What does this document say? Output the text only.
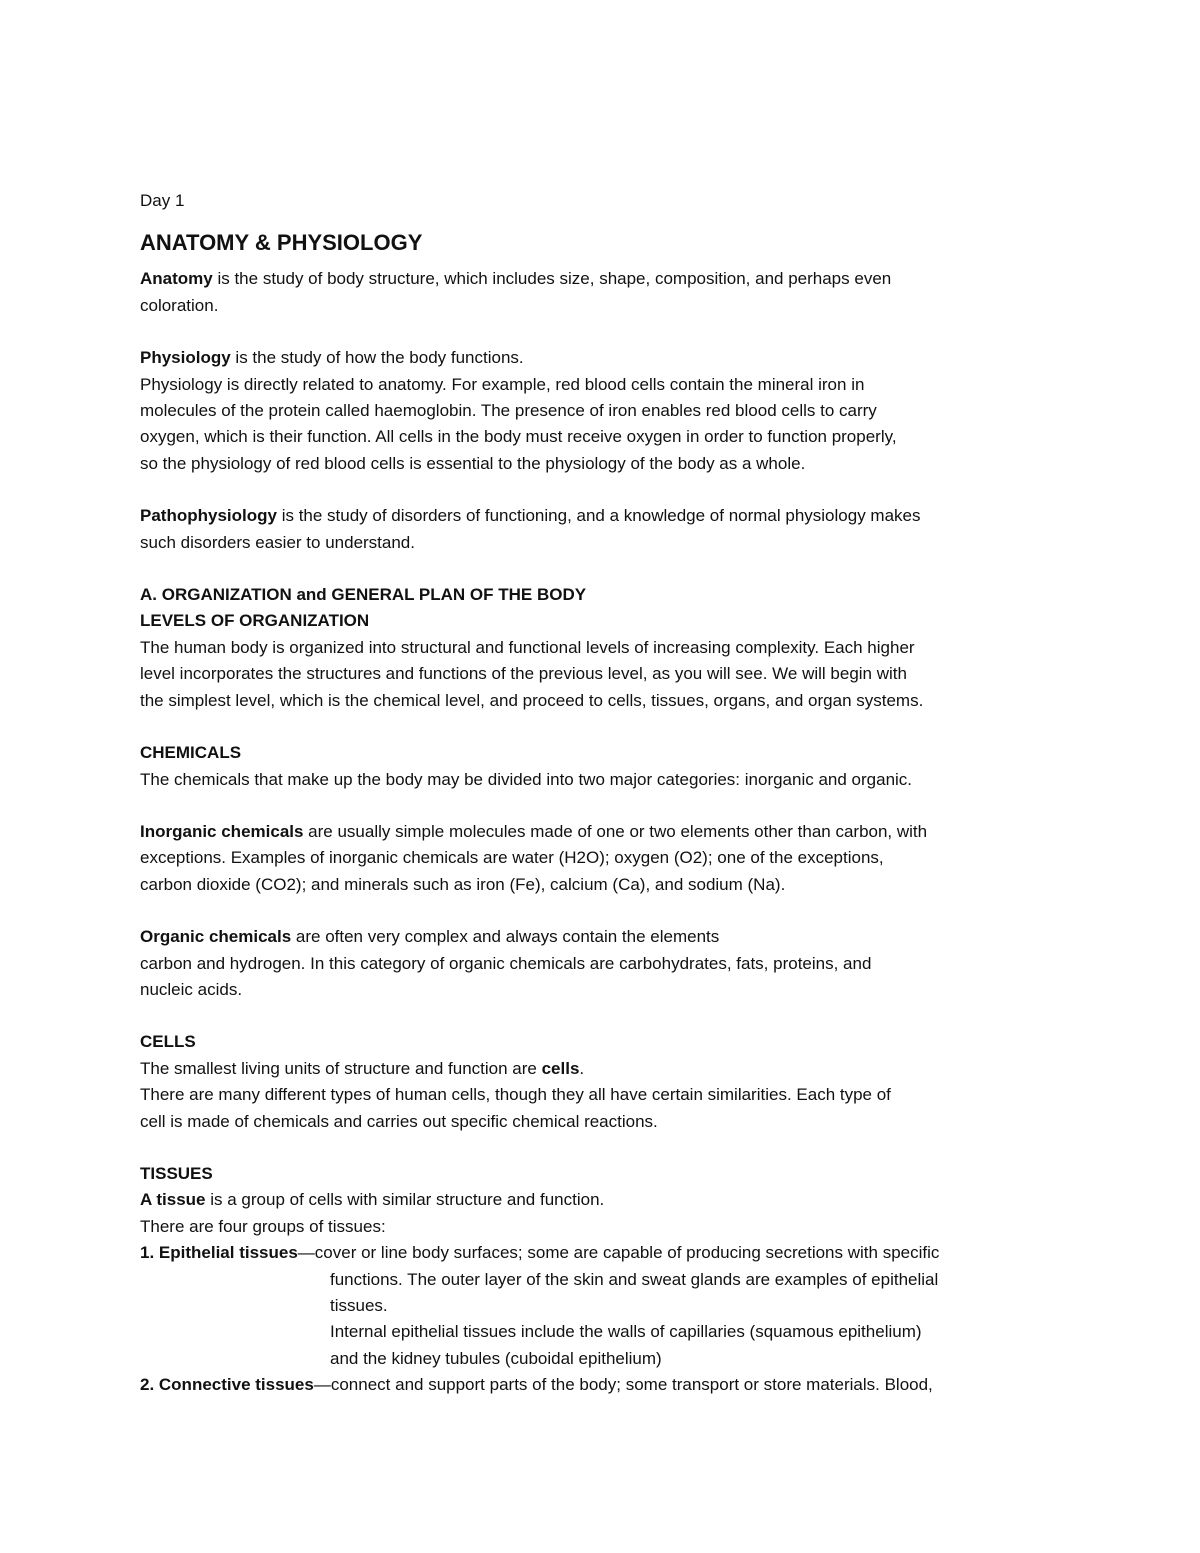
Day 1
ANATOMY & PHYSIOLOGY
Anatomy is the study of body structure, which includes size, shape, composition, and perhaps even
coloration.
Physiology is the study of how the body functions.
Physiology is directly related to anatomy. For example, red blood cells contain the mineral iron in
molecules of the protein called haemoglobin. The presence of iron enables red blood cells to carry
oxygen, which is their function. All cells in the body must receive oxygen in order to function properly,
so the physiology of red blood cells is essential to the physiology of the body as a whole.
Pathophysiology is the study of disorders of functioning, and a knowledge of normal physiology makes
such disorders easier to understand.
A. ORGANIZATION and GENERAL PLAN OF THE BODY
LEVELS OF ORGANIZATION
The human body is organized into structural and functional levels of increasing complexity. Each higher
level incorporates the structures and functions of the previous level, as you will see. We will begin with
the simplest level, which is the chemical level, and proceed to cells, tissues, organs, and organ systems.
CHEMICALS
The chemicals that make up the body may be divided into two major categories: inorganic and organic.
Inorganic chemicals are usually simple molecules made of one or two elements other than carbon, with
exceptions. Examples of inorganic chemicals are water (H2O); oxygen (O2); one of the exceptions,
carbon dioxide (CO2); and minerals such as iron (Fe), calcium (Ca), and sodium (Na).
Organic chemicals are often very complex and always contain the elements
carbon and hydrogen. In this category of organic chemicals are carbohydrates, fats, proteins, and
nucleic acids.
CELLS
The smallest living units of structure and function are cells.
There are many different types of human cells, though they all have certain similarities. Each type of
cell is made of chemicals and carries out specific chemical reactions.
TISSUES
A tissue is a group of cells with similar structure and function.
There are four groups of tissues:
1. Epithelial tissues—cover or line body surfaces; some are capable of producing secretions with specific
functions. The outer layer of the skin and sweat glands are examples of epithelial
tissues.
Internal epithelial tissues include the walls of capillaries (squamous epithelium)
and the kidney tubules (cuboidal epithelium)
2. Connective tissues—connect and support parts of the body; some transport or store materials. Blood,
